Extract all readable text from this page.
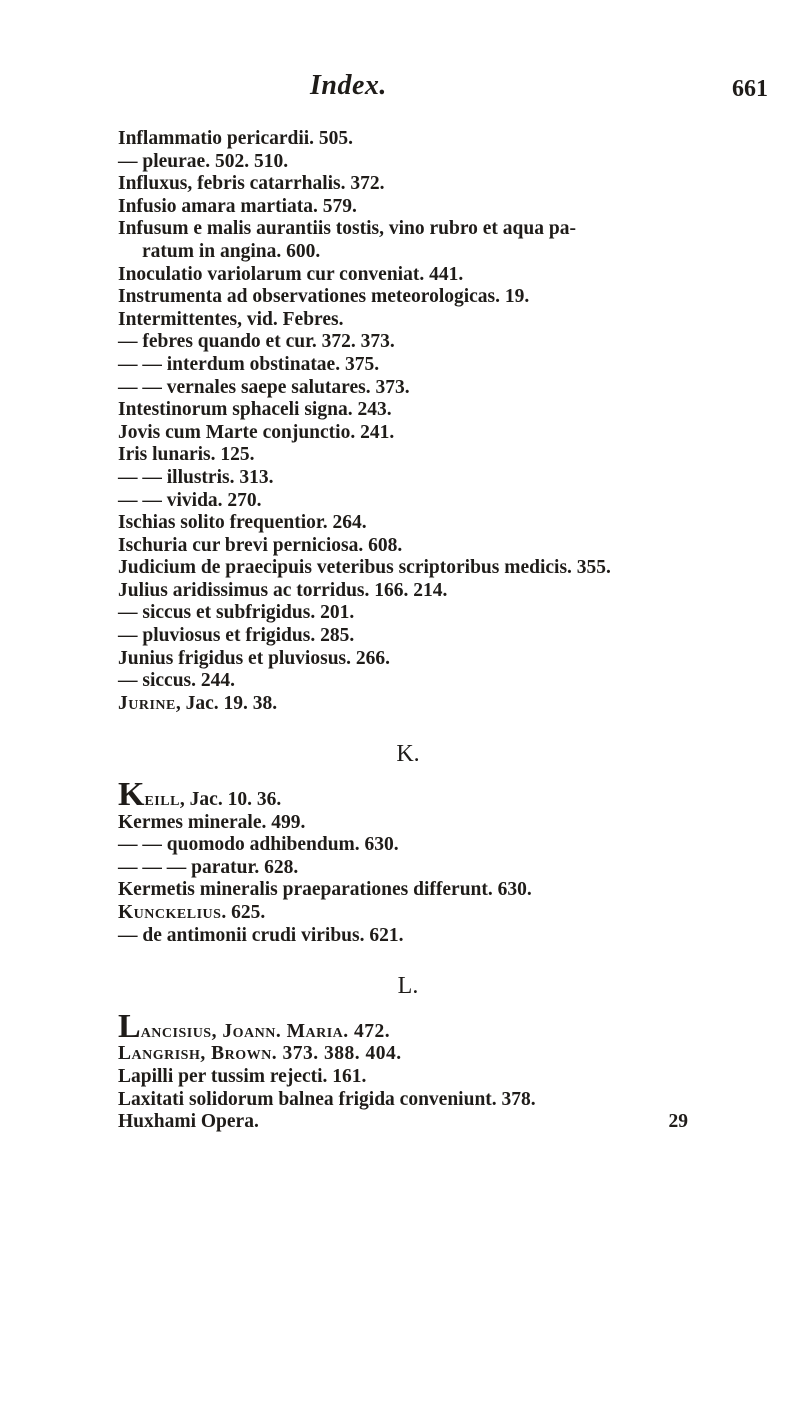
Index.	661
Inflammatio pericardii. 505.
— pleurae. 502. 510.
Influxus, febris catarrhalis. 372.
Infusio amara martiata. 579.
Infusum e malis aurantiis tostis, vino rubro et aqua pa-
ratum in angina. 600.
Inoculatio variolarum cur conveniat. 441.
Instrumenta ad observationes meteorologicas. 19.
Intermittentes, vid. Febres.
— febres quando et cur. 372. 373.
— — interdum obstinatae. 375.
— — vernales saepe salutares. 373.
Intestinorum sphaceli signa. 243.
Jovis cum Marte conjunctio. 241.
Iris lunaris. 125.
— — illustris. 313.
— — vivida. 270.
Ischias solito frequentior. 264.
Ischuria cur brevi perniciosa. 608.
Judicium de praecipuis veteribus scriptoribus medicis. 355.
Julius aridissimus ac torridus. 166. 214.
— siccus et subfrigidus. 201.
— pluviosus et frigidus. 285.
Junius frigidus et pluviosus. 266.
— siccus. 244.
Jurine, Jac. 19. 38.
K.
Keill, Jac. 10. 36.
Kermes minerale. 499.
— — quomodo adhibendum. 630.
— — — paratur. 628.
Kermetis mineralis praeparationes differunt. 630.
Kunckelius. 625.
— de antimonii crudi viribus. 621.
L.
Lancisius, Joann. Maria. 472.
Langrish, Brown. 373. 388. 404.
Lapilli per tussim rejecti. 161.
Laxitati solidorum balnea frigida conveniunt. 378.
Huxhami Opera.	29
